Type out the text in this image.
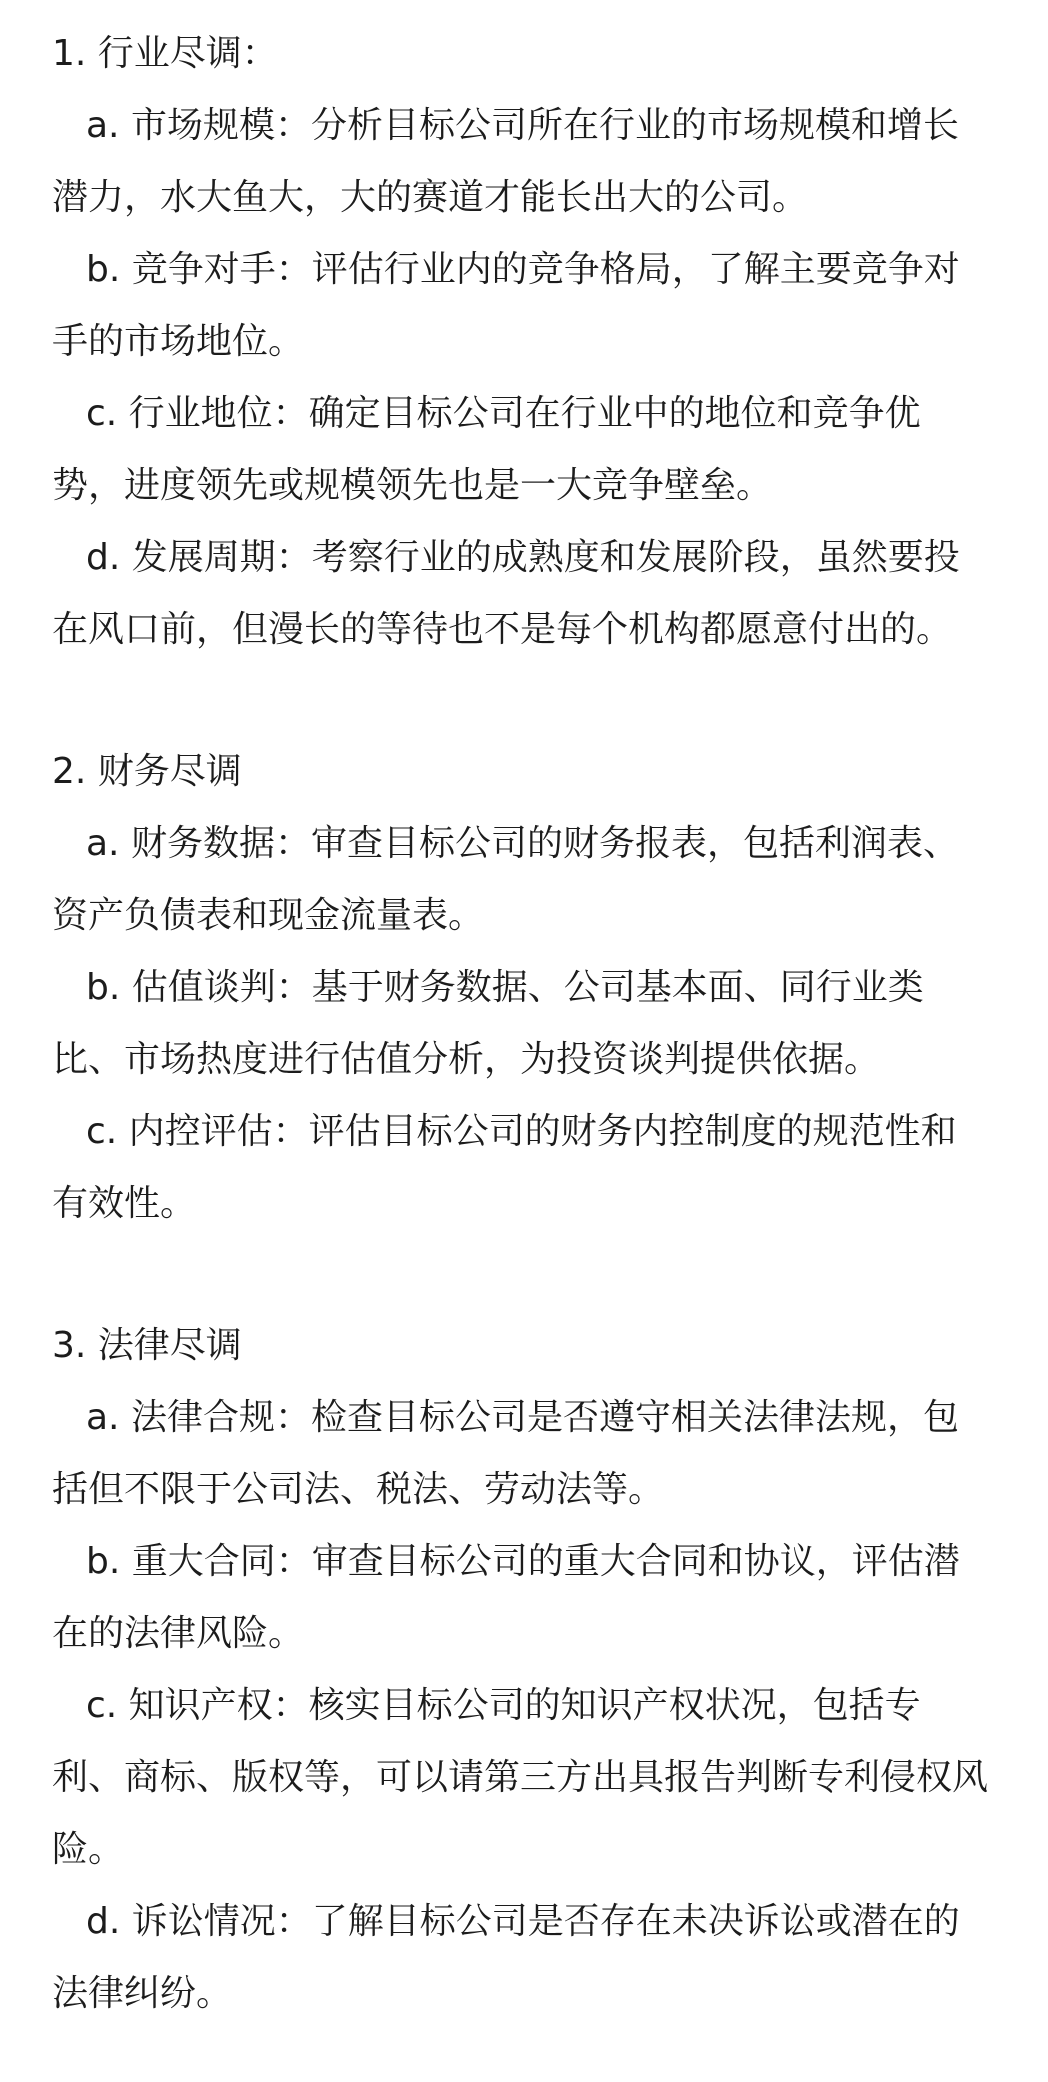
1. 行业尽调：

a. 市场规模：分析目标公司所在行业的市场规模和增长潜力，水大鱼大，大的赛道才能长出大的公司。

b. 竞争对手：评估行业内的竞争格局，了解主要竞争对手的市场地位。

c. 行业地位：确定目标公司在行业中的地位和竞争优势，进度领先或规模领先也是一大竞争壁垒。

d. 发展周期：考察行业的成熟度和发展阶段，虽然要投在风口前，但漫长的等待也不是每个机构都愿意付出的。

2. 财务尽调

a. 财务数据：审查目标公司的财务报表，包括利润表、资产负债表和现金流量表。

b. 估值谈判：基于财务数据、公司基本面、同行业类比、市场热度进行估值分析，为投资谈判提供依据。

c. 内控评估：评估目标公司的财务内控制度的规范性和有效性。

3. 法律尽调

a. 法律合规：检查目标公司是否遵守相关法律法规，包括但不限于公司法、税法、劳动法等。

b. 重大合同：审查目标公司的重大合同和协议，评估潜在的法律风险。

c. 知识产权：核实目标公司的知识产权状况，包括专利、商标、版权等，可以请第三方出具报告判断专利侵权风险。

d. 诉讼情况：了解目标公司是否存在未决诉讼或潜在的法律纠纷。
